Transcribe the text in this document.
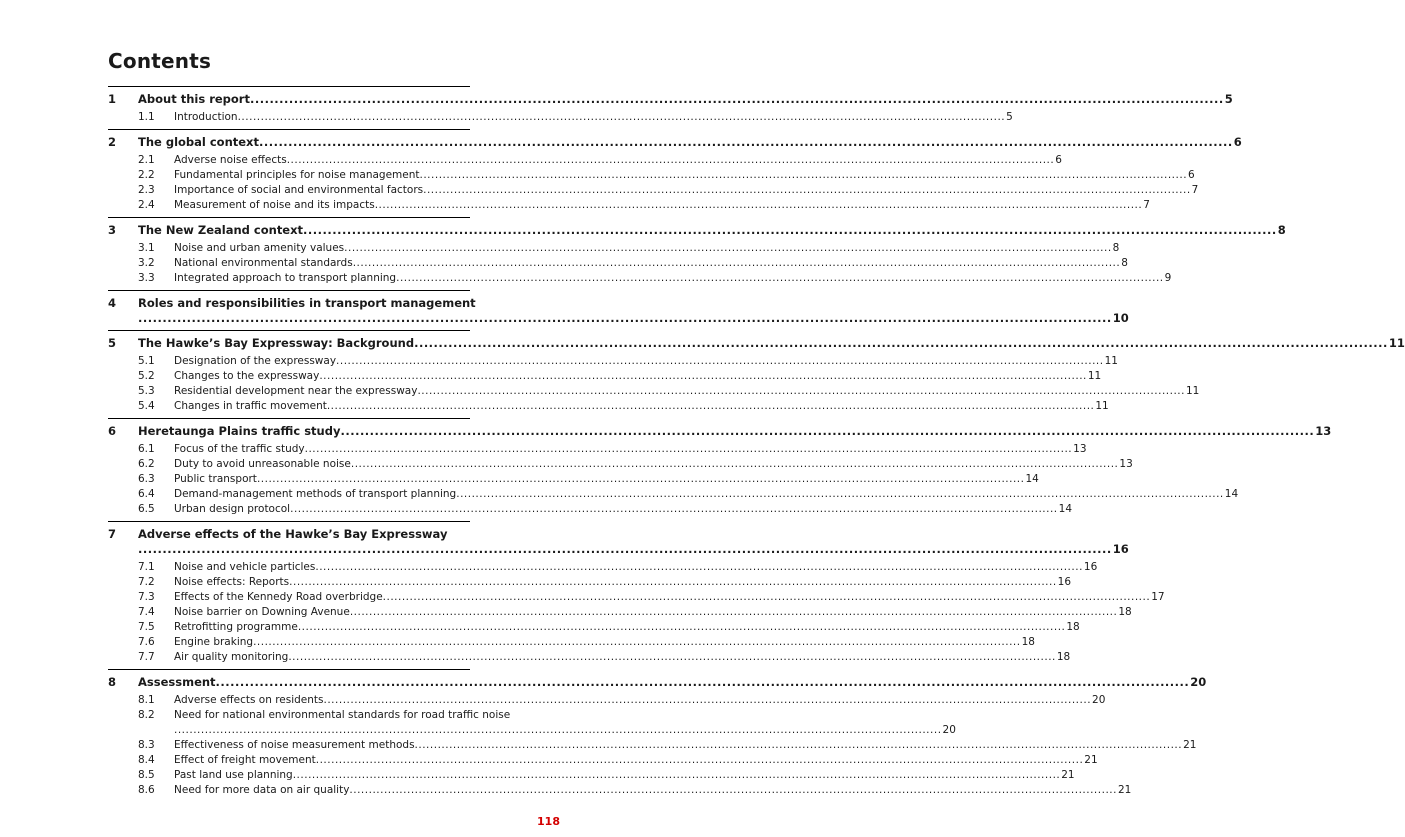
Contents
1	About this report........................................................................................................................................................................................................ 5
1.1	Introduction........................................................................................................................................................................................................ 5
2	The global context........................................................................................................................................................................................................ 6
2.1	Adverse noise effects........................................................................................................................................................................................................ 6
2.2	Fundamental principles for noise management........................................................................................................................................................................................................ 6
2.3	Importance of social and environmental factors........................................................................................................................................................................................................ 7
2.4	Measurement of noise and its impacts........................................................................................................................................................................................................ 7
3	The New Zealand context........................................................................................................................................................................................................ 8
3.1	Noise and urban amenity values........................................................................................................................................................................................................ 8
3.2	National environmental standards........................................................................................................................................................................................................ 8
3.3	Integrated approach to transport planning........................................................................................................................................................................................................ 9
4	Roles and responsibilities in transport management
........................................................................................................................................................................................................ 10
5	The Hawke’s Bay Expressway: Background........................................................................................................................................................................................................ 11
5.1	Designation of the expressway........................................................................................................................................................................................................ 11
5.2	Changes to the expressway........................................................................................................................................................................................................ 11
5.3	Residential development near the expressway........................................................................................................................................................................................................ 11
5.4	Changes in traffic movement........................................................................................................................................................................................................ 11
6	Heretaunga Plains traffic study........................................................................................................................................................................................................ 13
6.1	Focus of the traffic study........................................................................................................................................................................................................ 13
6.2	Duty to avoid unreasonable noise........................................................................................................................................................................................................ 13
6.3	Public transport........................................................................................................................................................................................................ 14
6.4	Demand-management methods of transport planning........................................................................................................................................................................................................ 14
6.5	Urban design protocol........................................................................................................................................................................................................ 14
7	Adverse effects of the Hawke’s Bay Expressway
........................................................................................................................................................................................................ 16
7.1	Noise and vehicle particles........................................................................................................................................................................................................ 16
7.2	Noise effects: Reports........................................................................................................................................................................................................ 16
7.3	Effects of the Kennedy Road overbridge........................................................................................................................................................................................................ 17
7.4	Noise barrier on Downing Avenue........................................................................................................................................................................................................ 18
7.5	Retrofitting programme........................................................................................................................................................................................................ 18
7.6	Engine braking........................................................................................................................................................................................................ 18
7.7	Air quality monitoring........................................................................................................................................................................................................ 18
8	Assessment........................................................................................................................................................................................................ 20
8.1	Adverse effects on residents........................................................................................................................................................................................................ 20
8.2	Need for national environmental standards for road traffic noise
........................................................................................................................................................................................................ 20
8.3	Effectiveness of noise measurement methods........................................................................................................................................................................................................ 21
8.4	Effect of freight movement........................................................................................................................................................................................................ 21
8.5	Past land use planning........................................................................................................................................................................................................ 21
8.6	Need for more data on air quality........................................................................................................................................................................................................ 21
118
